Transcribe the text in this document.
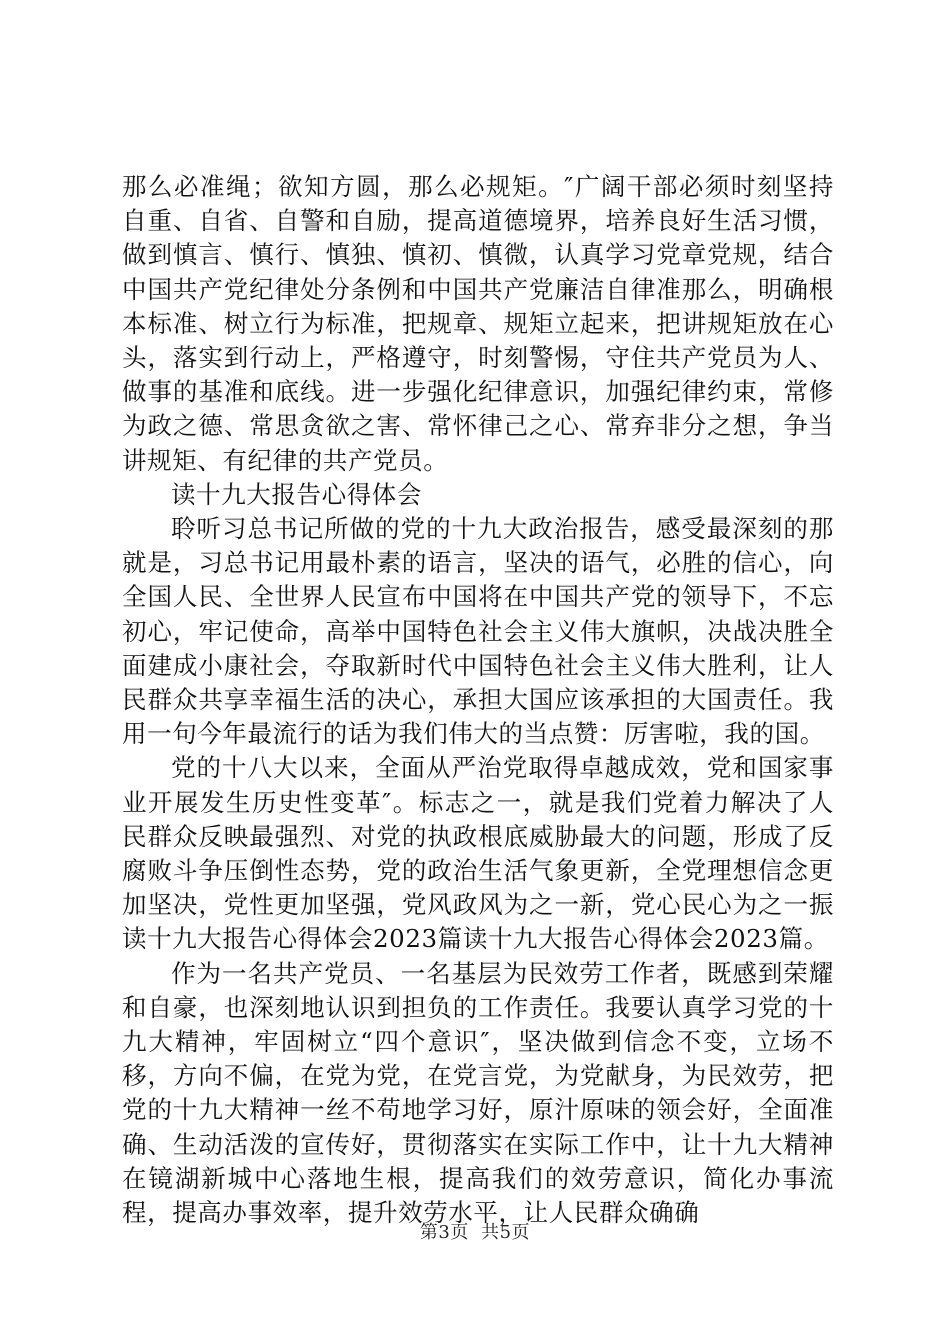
那么必准绳；欲知方圆，那么必规矩。″广阔干部必须时刻坚持自重、自省、自警和自励，提高道德境界，培养良好生活习惯，做到慎言、慎行、慎独、慎初、慎微，认真学习党章党规，结合中国共产党纪律处分条例和中国共产党廉洁自律准那么，明确根本标准、树立行为标准，把规章、规矩立起来，把讲规矩放在心头，落实到行动上，严格遵守，时刻警惕，守住共产党员为人、做事的基准和底线。进一步强化纪律意识，加强纪律约束，常修为政之德、常思贪欲之害、常怀律己之心、常弃非分之想，争当讲规矩、有纪律的共产党员。

读十九大报告心得体会

聆听习总书记所做的党的十九大政治报告，感受最深刻的那就是，习总书记用最朴素的语言，坚决的语气，必胜的信心，向全国人民、全世界人民宣布中国将在中国共产党的领导下，不忘初心，牢记使命，高举中国特色社会主义伟大旗帜，决战决胜全面建成小康社会，夺取新时代中国特色社会主义伟大胜利，让人民群众共享幸福生活的决心，承担大国应该承担的大国责任。我用一句今年最流行的话为我们伟大的当点赞：厉害啦，我的国。

党的十八大以来，全面从严治党取得卓越成效，党和国家事业开展发生历史性变革″。标志之一，就是我们党着力解决了人民群众反映最强烈、对党的执政根底威胁最大的问题，形成了反腐败斗争压倒性态势，党的政治生活气象更新，全党理想信念更加坚决，党性更加坚强，党风政风为之一新，党心民心为之一振读十九大报告心得体会2023篇读十九大报告心得体会2023篇。

作为一名共产党员、一名基层为民效劳工作者，既感到荣耀和自豪，也深刻地认识到担负的工作责任。我要认真学习党的十九大精神，牢固树立“四个意识″，坚决做到信念不变，立场不移，方向不偏，在党为党，在党言党，为党献身，为民效劳，把党的十九大精神一丝不苟地学习好，原汁原味的领会好，全面准确、生动活泼的宣传好，贯彻落实在实际工作中，让十九大精神在镜湖新城中心落地生根，提高我们的效劳意识，简化办事流程，提高办事效率，提升效劳水平，让人民群众确确

第3页 共5页
